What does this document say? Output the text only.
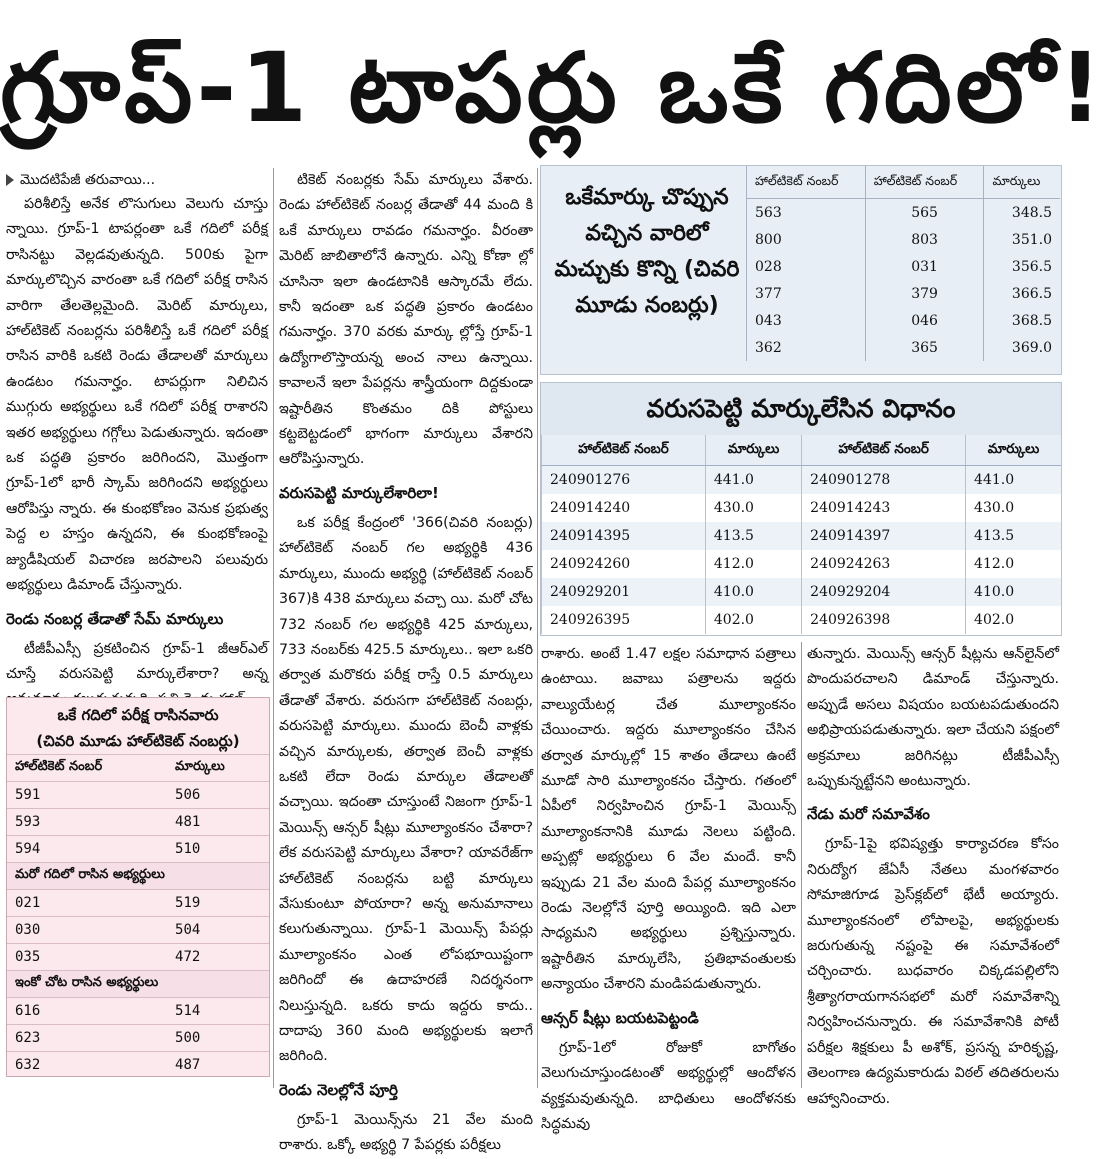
గ్రూప్‌-1 టాపర్లు ఒకే గదిలో!
మొదటిపేజీ తరువాయి...

పరిశీలిస్తే అనేక లొసుగులు వెలుగు చూస్తు న్నాయి. గ్రూప్‌-1 టాపర్లంతా ఒకే గదిలో పరీక్ష రాసినట్టు వెల్లడవుతున్నది. 500కు పైగా మార్కులొచ్చిన వారంతా ఒకే గదిలో పరీక్ష రాసిన వారిగా తేలతెల్లమైంది. మెరిట్ మార్కులు, హాల్‌టికెట్‌ నంబర్లను పరిశీలిస్తే ఒకే గదిలో పరీక్ష రాసిన వారికి ఒకటి రెండు తేడాలతో మార్కులు ఉండటం గమనార్హం. టాపర్లుగా నిలిచిన ముగ్గురు అభ్యర్థులు ఒకే గదిలో పరీక్ష రాశారని ఇతర అభ్యర్థులు గగ్గోలు పెడుతున్నారు. ఇదంతా ఒక పద్ధతి ప్రకారం జరిగిందని, మొత్తంగా గ్రూప్‌-1లో భారీ స్కామ్‌ జరిగిందని అభ్యర్థులు ఆరోపిస్తు న్నారు. ఈ కుంభకోణం వెనుక ప్రభుత్వ పెద్ద ల హస్తం ఉన్నదని, ఈ కుంభకోణంపై జ్యుడీషియల్‌ విచారణ జరపాలని పలువురు అభ్యర్థులు డిమాండ్‌ చేస్తున్నారు.

రెండు నంబర్ల తేడాతో సేమ్‌ మార్కులు

టీజీపీఎస్సీ ప్రకటించిన గ్రూప్‌-1 జీఆర్‌ఎల్‌ చూస్తే వరుసపెట్టి మార్కులేశారా? అన్న

ఒకే గదిలో పరీక్ష రాసినవారు
(చివరి మూడు హాల్‌టికెట్‌ నంబర్లు)
హాల్‌టికెట్‌ నంబర్‌	మార్కులు
591	506
593	481
594	510
మరో గదిలో రాసిన అభ్యర్థులు	
021	519
030	504
035	472
ఇంకో చోట రాసిన అభ్యర్థులు	
616	514
623	500
632	487

టికెట్‌ నంబర్లకు సేమ్‌ మార్కులు వేశారు. రెండు హాల్‌టికెట్‌ నంబర్ల తేడాతో 44 మంది కి ఒకే మార్కులు రావడం గమనార్హం. వీరంతా మెరిట్‌ జాబితాలోనే ఉన్నారు. ఎన్ని కోణా ల్లో చూసినా ఇలా ఉండటానికి ఆస్కారమే లేదు. కానీ ఇదంతా ఒక పద్ధతి ప్రకారం ఉండటం గమనార్హం. 370 వరకు మార్కు ల్లోస్తే గ్రూప్‌-1 ఉద్యోగాలొస్తాయన్న అంచ నాలు ఉన్నాయి. కావాలనే ఇలా పేపర్లను శాస్త్రీయంగా దిద్దకుండా ఇష్టారీతిన కొంతమం దికి పోస్టులు కట్టబెట్టడంలో భాగంగా మార్కులు వేశారని ఆరోపిస్తున్నారు.

వరుసపెట్టి మార్కులేశారిలా!

ఒక పరీక్ష కేంద్రంలో '366(చివరి నంబర్లు) హాల్‌టికెట్‌ నంబర్‌ గల అభ్యర్థికి 436 మార్కులు, ముందు అభ్యర్థి (హాల్‌టికెట్‌ నంబర్‌ 367)కి 438 మార్కులు వచ్చా యి. మరో చోట 732 నంబర్‌ గల అభ్యర్థికి 425 మార్కులు, 733 నంబర్‌కు 425.5 మార్కులు.. ఇలా ఒకరి తర్వాత మరొకరు పరీక్ష రాస్తే 0.5 మార్కులు తేడాతో వేశారు. వరుసగా హాల్‌టికెట్‌ నంబర్లు, వరుసపెట్టి మార్కులు. ముందు బెంచీ వాళ్లకు వచ్చిన మార్కులకు, తర్వాత బెంచీ వాళ్లకు ఒకటి లేదా రెండు మార్కుల తేడాలతో వచ్చాయి. ఇదంతా చూస్తుంటే నిజంగా గ్రూప్‌-1 మెయిన్స్‌ ఆన్సర్‌ షీట్లు మూల్యాంకనం చేశారా? లేక వరుసపెట్టి మార్కులు వేశారా? యావరేజ్‌గా హాల్‌టికెట్‌ నంబర్లను బట్టి మార్కులు వేసుకుంటూ పోయారా? అన్న అనుమానాలు కలుగుతున్నాయి. గ్రూప్‌-1 మెయిన్స్‌ పేపర్లు మూల్యాంకనం ఎంత లోపభూయిష్టంగా జరిగిందో ఈ ఉదాహరణే నిదర్శనంగా నిలుస్తున్నది. ఒకరు కాదు ఇద్దరు కాదు.. దాదాపు 360 మంది అభ్యర్థులకు ఇలాగే జరిగింది.

రెండు నెలల్లోనే పూర్తి

గ్రూప్‌-1 మెయిన్స్‌ను 21 వేల మంది రాశారు. ఒక్కో అభ్యర్థి 7 పేపర్లకు పరీక్షలు

ఒకేమార్కు చొప్పున వచ్చిన వారిలో మచ్చుకు కొన్ని (చివరి మూడు నంబర్లు)
హాల్‌టికెట్‌ నంబర్‌	హాల్‌టికెట్‌ నంబర్‌	మార్కులు
563	565	348.5
800	803	351.0
028	031	356.5
377	379	366.5
043	046	368.5
362	365	369.0
వరుసపెట్టి మార్కులేసిన విధానం
హాల్‌టికెట్‌ నంబర్‌	మార్కులు	హాల్‌టికెట్‌ నంబర్‌	మార్కులు
240901276	441.0	240901278	441.0
240914240	430.0	240914243	430.0
240914395	413.5	240914397	413.5
240924260	412.0	240924263	412.0
240929201	410.0	240929204	410.0
240926395	402.0	240926398	402.0

రాశారు. అంటే 1.47 లక్షల సమాధాన పత్రాలు ఉంటాయి. జవాబు పత్రాలను ఇద్దరు వాల్యుయేటర్ల చేత మూల్యాంకనం చేయించారు. ఇద్దరు మూల్యాంకనం చేసిన తర్వాత మార్కుల్లో 15 శాతం తేడాలు ఉంటే మూడో సారి మూల్యాంకనం చేస్తారు. గతంలో ఏపీలో నిర్వహించిన గ్రూప్‌-1 మెయిన్స్‌ మూల్యాంకనానికి మూడు నెలలు పట్టింది. అప్పట్లో అభ్యర్థులు 6 వేల మందే. కానీ ఇప్పుడు 21 వేల మంది పేపర్ల మూల్యాంకనం రెండు నెలల్లోనే పూర్తి అయ్యింది. ఇది ఎలా సాధ్యమని అభ్యర్థులు ప్రశ్నిస్తున్నారు. ఇష్టారీతిన మార్కులేసి, ప్రతిభావంతులకు అన్యాయం చేశారని మండిపడుతున్నారు.

ఆన్సర్‌ షీట్లు బయటపెట్టండి

గ్రూప్‌-1లో రోజుకో బాగోతం వెలుగుచూస్తుండటంతో అభ్యర్థుల్లో ఆందోళన వ్యక్తమవుతున్నది. బాధితులు ఆందోళనకు సిద్ధమవు

తున్నారు. మెయిన్స్‌ ఆన్సర్‌ షీట్లను ఆన్‌లైన్‌లో పొందుపరచాలని డిమాండ్‌ చేస్తున్నారు. అప్పుడే అసలు విషయం బయటపడుతుందని అభిప్రాయపడుతున్నారు. ఇలా చేయని పక్షంలో అక్రమాలు జరిగినట్లు టీజీపీఎస్సీ ఒప్పుకున్నట్టేనని అంటున్నారు.

నేడు మరో సమావేశం

గ్రూప్‌-1పై భవిష్యత్తు కార్యాచరణ కోసం నిరుద్యోగ జేఏసీ నేతలు మంగళవారం సోమాజిగూడ ప్రెస్‌క్లబ్‌లో భేటీ అయ్యారు. మూల్యాంకనంలో లోపాలపై, అభ్యర్థులకు జరుగుతున్న నష్టంపై ఈ సమావేశంలో చర్చించారు. బుధవారం చిక్కడపల్లిలోని శ్రీత్యాగరాయగానసభలో మరో సమావేశాన్ని నిర్వహించనున్నారు. ఈ సమావేశానికి పోటీ పరీక్షల శిక్షకులు పీ అశోక్‌, ప్రసన్న హరికృష్ణ, తెలంగాణ ఉద్యమకారుడు విఠల్‌ తదితరులను ఆహ్వానించారు.
